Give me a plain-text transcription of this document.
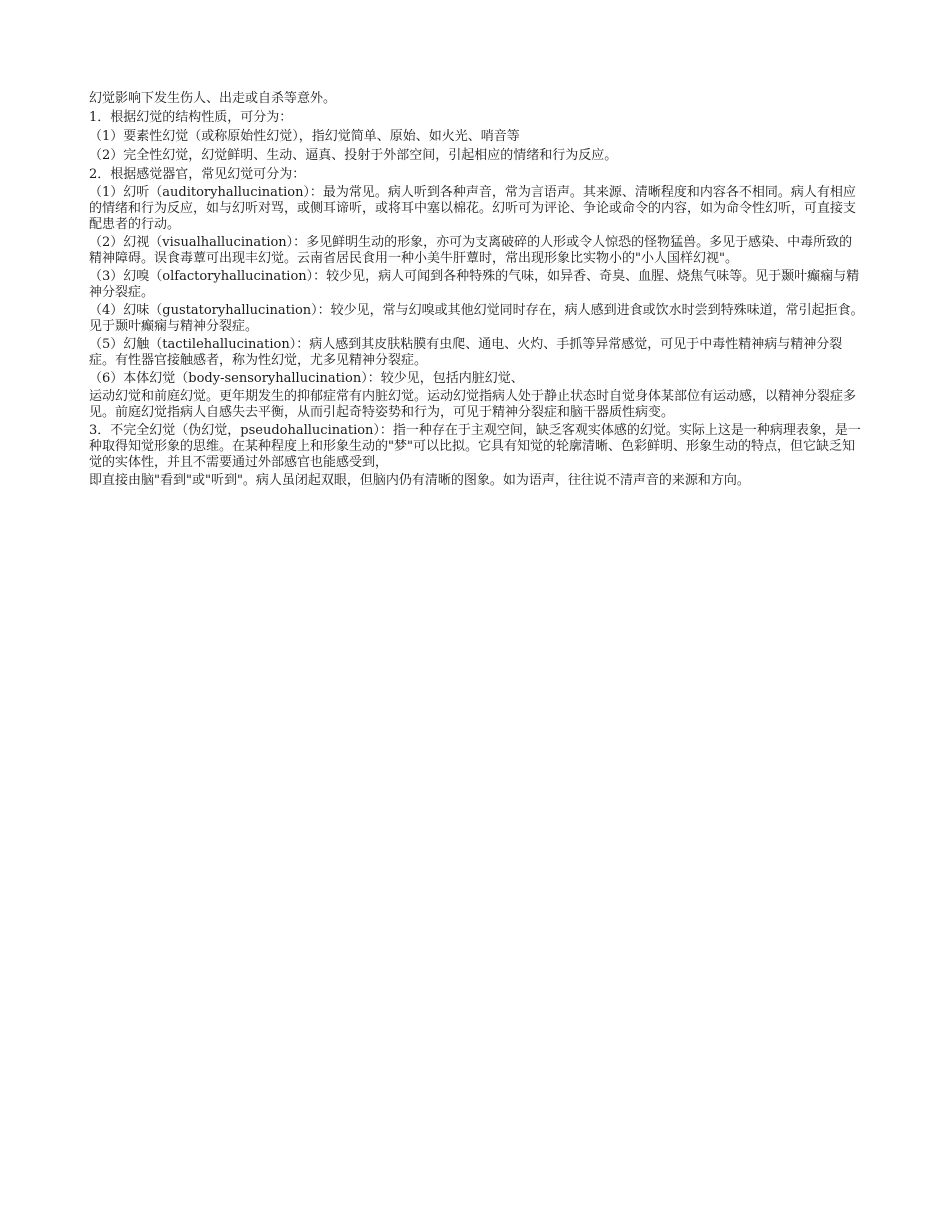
幻觉影响下发生伤人、出走或自杀等意外。

1．根据幻觉的结构性质，可分为：

（1）要素性幻觉（或称原始性幻觉），指幻觉简单、原始、如火光、哨音等

（2）完全性幻觉，幻觉鲜明、生动、逼真、投射于外部空间，引起相应的情绪和行为反应。

2．根据感觉器官，常见幻觉可分为：

（1）幻听（auditoryhallucination）：最为常见。病人听到各种声音，常为言语声。其来源、清晰程度和内容各不相同。病人有相应的情绪和行为反应，如与幻听对骂，或侧耳谛听，或将耳中塞以棉花。幻听可为评论、争论或命令的内容，如为命令性幻听，可直接支配患者的行动。

（2）幻视（visualhallucination）：多见鲜明生动的形象，亦可为支离破碎的人形或令人惊恐的怪物猛兽。多见于感染、中毒所致的精神障碍。误食毒蕈可出现丰幻觉。云南省居民食用一种小美牛肝蕈时，常出现形象比实物小的"小人国样幻视"。

（3）幻嗅（olfactoryhallucination）：较少见，病人可闻到各种特殊的气味，如异香、奇臭、血腥、烧焦气味等。见于颞叶癫痫与精神分裂症。

（4）幻味（gustatoryhallucination）：较少见，常与幻嗅或其他幻觉同时存在，病人感到进食或饮水时尝到特殊味道，常引起拒食。见于颞叶癫痫与精神分裂症。

（5）幻触（tactilehallucination）：病人感到其皮肤粘膜有虫爬、通电、火灼、手抓等异常感觉，可见于中毒性精神病与精神分裂症。有性器官接触感者，称为性幻觉，尤多见精神分裂症。

（6）本体幻觉（body-sensoryhallucination）：较少见，包括内脏幻觉、

运动幻觉和前庭幻觉。更年期发生的抑郁症常有内脏幻觉。运动幻觉指病人处于静止状态时自觉身体某部位有运动感，以精神分裂症多见。前庭幻觉指病人自感失去平衡，从而引起奇特姿势和行为，可见于精神分裂症和脑干器质性病变。

3．不完全幻觉（伪幻觉，pseudohallucination）：指一种存在于主观空间，缺乏客观实体感的幻觉。实际上这是一种病理表象，是一种取得知觉形象的思维。在某种程度上和形象生动的"梦"可以比拟。它具有知觉的轮廓清晰、色彩鲜明、形象生动的特点，但它缺乏知觉的实体性，并且不需要通过外部感官也能感受到，

即直接由脑"看到"或"听到"。病人虽闭起双眼，但脑内仍有清晰的图象。如为语声，往往说不清声音的来源和方向。
